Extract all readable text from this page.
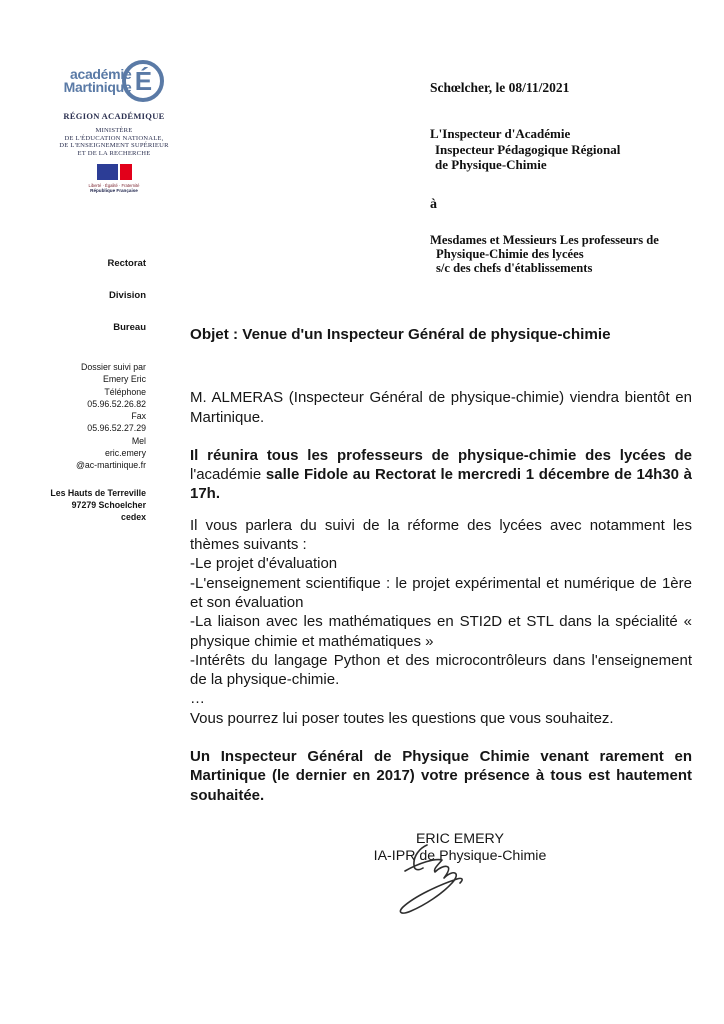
académie
Martinique É
RÉGION ACADÉMIQUE
MINISTÈRE
DE L'ÉDUCATION NATIONALE,
DE L'ENSEIGNEMENT SUPÉRIEUR
ET DE LA RECHERCHE
Liberté · Égalité · Fraternité
République Française
Schœlcher, le 08/11/2021
L'Inspecteur d'Académie
Inspecteur Pédagogique Régional
de Physique-Chimie
à
Mesdames et Messieurs Les professeurs de
Physique-Chimie des lycées
s/c des chefs d'établissements
Rectorat
Division
Bureau
Dossier suivi par
Emery Eric
Téléphone
05.96.52.26.82
Fax
05.96.52.27.29
Mel
eric.emery
@ac-martinique.fr
Les Hauts de Terreville
97279 Schoelcher
cedex
Objet : Venue d'un Inspecteur Général de physique-chimie

M. ALMERAS (Inspecteur Général de physique-chimie) viendra bientôt en Martinique.

Il réunira tous les professeurs de physique-chimie des lycées de l'académie salle Fidole au Rectorat le mercredi 1 décembre de 14h30 à 17h.

Il vous parlera du suivi de la réforme des lycées avec notamment les thèmes suivants :
-Le projet d'évaluation
-L'enseignement scientifique : le projet expérimental et numérique de 1ère et son évaluation
-La liaison avec les mathématiques en STI2D et STL dans la spécialité « physique chimie et mathématiques »
-Intérêts du langage Python et des microcontrôleurs dans l'enseignement de la physique-chimie.
…
Vous pourrez lui poser toutes les questions que vous souhaitez.

Un Inspecteur Général de Physique Chimie venant rarement en Martinique (le dernier en 2017) votre présence à tous est hautement souhaitée.

ERIC EMERY
IA-IPR de Physique-Chimie
